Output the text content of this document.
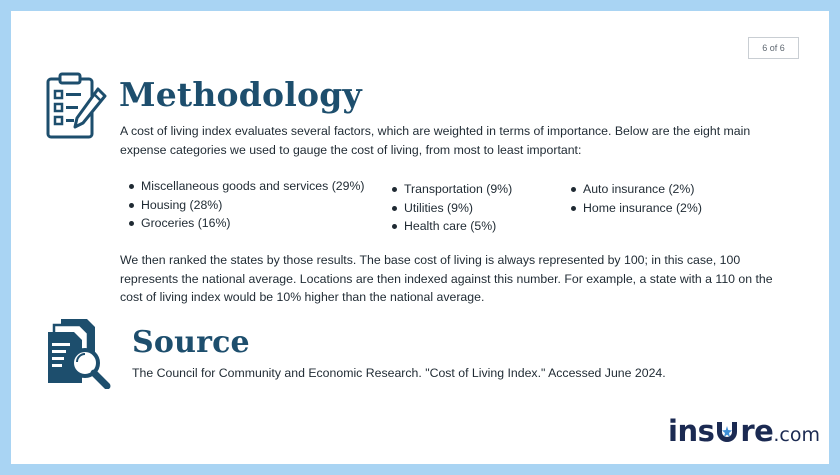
6 of 6
Methodology

A cost of living index evaluates several factors, which are weighted in terms of importance. Below are the eight main expense categories we used to gauge the cost of living, from most to least important:

Miscellaneous goods and services (29%)
Housing (28%)
Groceries (16%)
Transportation (9%)
Utilities (9%)
Health care (5%)
Auto insurance (2%)
Home insurance (2%)

We then ranked the states by those results. The base cost of living is always represented by 100; in this case, 100 represents the national average. Locations are then indexed against this number. For example, a state with a 110 on the cost of living index would be 10% higher than the national average.

Source

The Council for Community and Economic Research. "Cost of Living Index." Accessed June 2024.

ins re.com
